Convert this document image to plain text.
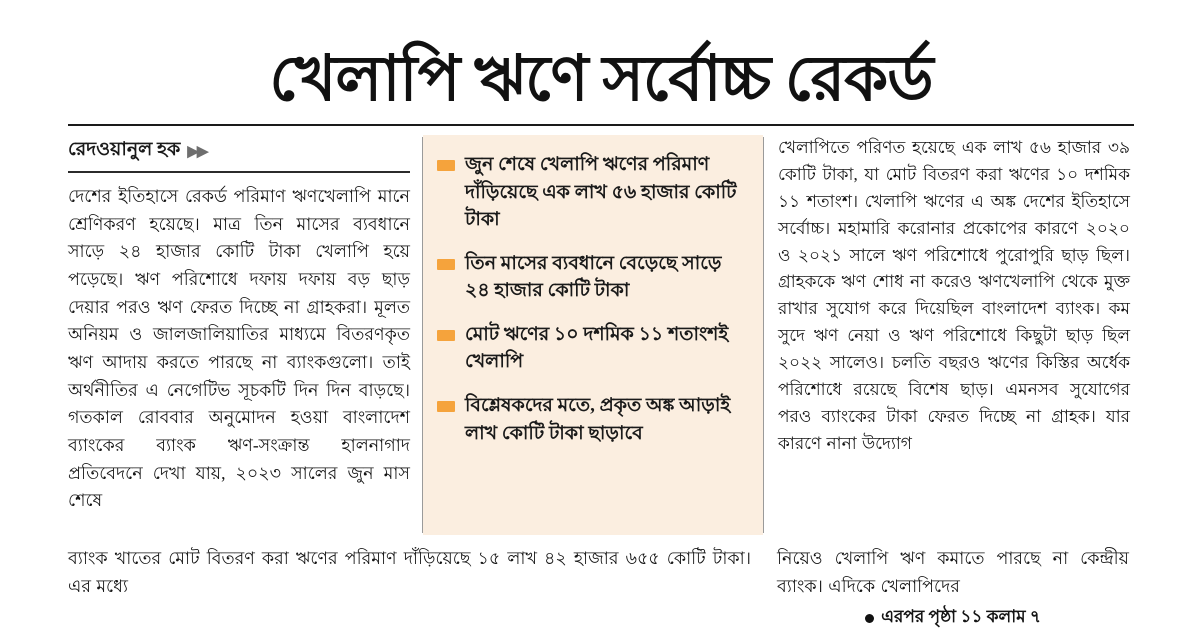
খেলাপি ঋণে সর্বোচ্চ রেকর্ড
রেদওয়ানুল হক ▶▶
দেশের ইতিহাসে রেকর্ড পরিমাণ ঋণখেলাপি মানে শ্রেণিকরণ হয়েছে। মাত্র তিন মাসের ব্যবধানে সাড়ে ২৪ হাজার কোটি টাকা খেলাপি হয়ে পড়েছে। ঋণ পরিশোধে দফায় দফায় বড় ছাড় দেয়ার পরও ঋণ ফেরত দিচ্ছে না গ্রাহকরা। মূলত অনিয়ম ও জালজালিয়াতির মাধ্যমে বিতরণকৃত ঋণ আদায় করতে পারছে না ব্যাংকগুলো। তাই অর্থনীতির এ নেগেটিভ সূচকটি দিন দিন বাড়ছে। গতকাল রোববার অনুমোদন হওয়া বাংলাদেশ ব্যাংকের ব্যাংক ঋণ-সংক্রান্ত হালনাগাদ প্রতিবেদনে দেখা যায়, ২০২৩ সালের জুন মাস শেষে
জুন শেষে খেলাপি ঋণের পরিমাণ দাঁড়িয়েছে এক লাখ ৫৬ হাজার কোটি টাকা
তিন মাসের ব্যবধানে বেড়েছে সাড়ে ২৪ হাজার কোটি টাকা
মোট ঋণের ১০ দশমিক ১১ শতাংশই খেলাপি
বিশ্লেষকদের মতে, প্রকৃত অঙ্ক আড়াই লাখ কোটি টাকা ছাড়াবে
খেলাপিতে পরিণত হয়েছে এক লাখ ৫৬ হাজার ৩৯ কোটি টাকা, যা মোট বিতরণ করা ঋণের ১০ দশমিক ১১ শতাংশ। খেলাপি ঋণের এ অঙ্ক দেশের ইতিহাসে সর্বোচ্চ। মহামারি করোনার প্রকোপের কারণে ২০২০ ও ২০২১ সালে ঋণ পরিশোধে পুরোপুরি ছাড় ছিল। গ্রাহককে ঋণ শোধ না করেও ঋণখেলাপি থেকে মুক্ত রাখার সুযোগ করে দিয়েছিল বাংলাদেশ ব্যাংক। কম সুদে ঋণ নেয়া ও ঋণ পরিশোধে কিছুটা ছাড় ছিল ২০২২ সালেও। চলতি বছরও ঋণের কিস্তির অর্ধেক পরিশোধে রয়েছে বিশেষ ছাড়। এমনসব সুযোগের পরও ব্যাংকের টাকা ফেরত দিচ্ছে না গ্রাহক। যার কারণে নানা উদ্যোগ
ব্যাংক খাতের মোট বিতরণ করা ঋণের পরিমাণ দাঁড়িয়েছে ১৫ লাখ ৪২ হাজার ৬৫৫ কোটি টাকা। এর মধ্যে
নিয়েও খেলাপি ঋণ কমাতে পারছে না কেন্দ্রীয় ব্যাংক। এদিকে খেলাপিদের
এরপর পৃষ্ঠা ১১ কলাম ৭
